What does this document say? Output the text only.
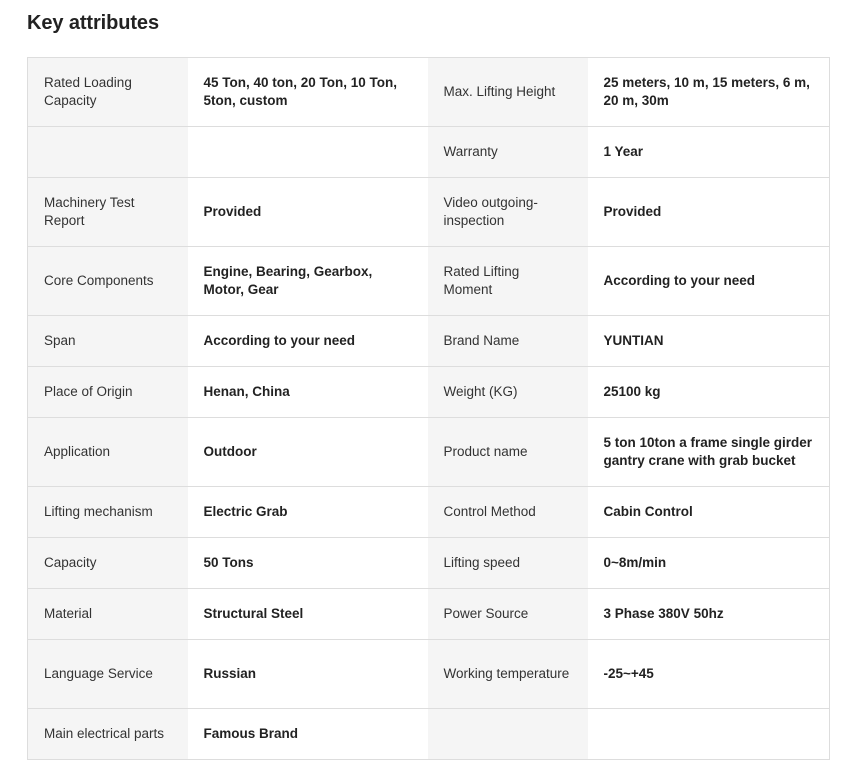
Key attributes
Rated Loading Capacity	45 Ton, 40 ton, 20 Ton, 10 Ton, 5ton, custom	Max. Lifting Height	25 meters, 10 m, 15 meters, 6 m, 20 m, 30m
		Warranty	1 Year
Machinery Test Report	Provided	Video outgoing-inspection	Provided
Core Components	Engine, Bearing, Gearbox, Motor, Gear	Rated Lifting Moment	According to your need
Span	According to your need	Brand Name	YUNTIAN
Place of Origin	Henan, China	Weight (KG)	25100 kg
Application	Outdoor	Product name	5 ton 10ton a frame single girder gantry crane with grab bucket
Lifting mechanism	Electric Grab	Control Method	Cabin Control
Capacity	50 Tons	Lifting speed	0~8m/min
Material	Structural Steel	Power Source	3 Phase 380V 50hz
Language Service	Russian	Working temperature	-25~+45
Main electrical parts	Famous Brand		
